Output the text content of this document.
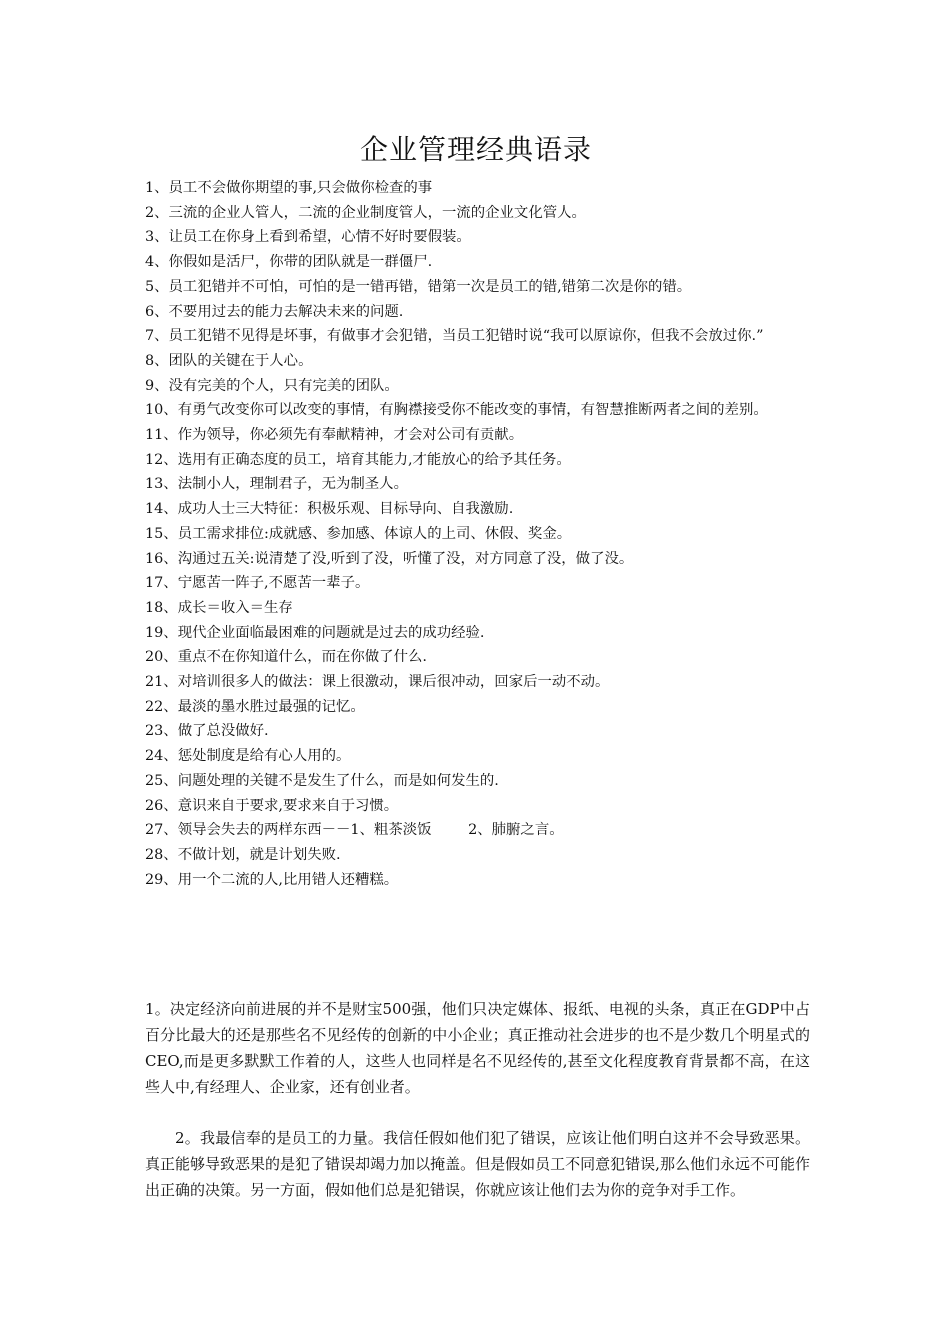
企业管理经典语录
1、员工不会做你期望的事,只会做你检查的事
2、三流的企业人管人，二流的企业制度管人，一流的企业文化管人。
3、让员工在你身上看到希望，心情不好时要假装。
4、你假如是活尸，你带的团队就是一群僵尸.
5、员工犯错并不可怕，可怕的是一错再错，错第一次是员工的错,错第二次是你的错。
6、不要用过去的能力去解决未来的问题.
7、员工犯错不见得是坏事，有做事才会犯错，当员工犯错时说“我可以原谅你，但我不会放过你.”
8、团队的关键在于人心。
9、没有完美的个人，只有完美的团队。
10、有勇气改变你可以改变的事情，有胸襟接受你不能改变的事情，有智慧推断两者之间的差别。
11、作为领导，你必须先有奉献精神，才会对公司有贡献。
12、选用有正确态度的员工，培育其能力,才能放心的给予其任务。
13、法制小人，理制君子，无为制圣人。
14、成功人士三大特征：积极乐观、目标导向、自我激励.
15、员工需求排位:成就感、参加感、体谅人的上司、休假、奖金。
16、沟通过五关:说清楚了没,听到了没，听懂了没，对方同意了没，做了没。
17、宁愿苦一阵子,不愿苦一辈子。
18、成长＝收入＝生存
19、现代企业面临最困难的问题就是过去的成功经验.
20、重点不在你知道什么，而在你做了什么.
21、对培训很多人的做法：课上很激动，课后很冲动，回家后一动不动。
22、最淡的墨水胜过最强的记忆。
23、做了总没做好.
24、惩处制度是给有心人用的。
25、问题处理的关键不是发生了什么，而是如何发生的.
26、意识来自于要求,要求来自于习惯。
27、领导会失去的两样东西－－1、粗茶淡饭        2、肺腑之言。
28、不做计划，就是计划失败.
29、用一个二流的人,比用错人还糟糕。

1。决定经济向前进展的并不是财宝500强，他们只决定媒体、报纸、电视的头条，真正在GDP中占百分比最大的还是那些名不见经传的创新的中小企业；真正推动社会进步的也不是少数几个明星式的CEO,而是更多默默工作着的人，这些人也同样是名不见经传的,甚至文化程度教育背景都不高，在这些人中,有经理人、企业家，还有创业者。

2。我最信奉的是员工的力量。我信任假如他们犯了错误，应该让他们明白这并不会导致恶果。真正能够导致恶果的是犯了错误却竭力加以掩盖。但是假如员工不同意犯错误,那么他们永远不可能作出正确的决策。另一方面，假如他们总是犯错误，你就应该让他们去为你的竞争对手工作。
